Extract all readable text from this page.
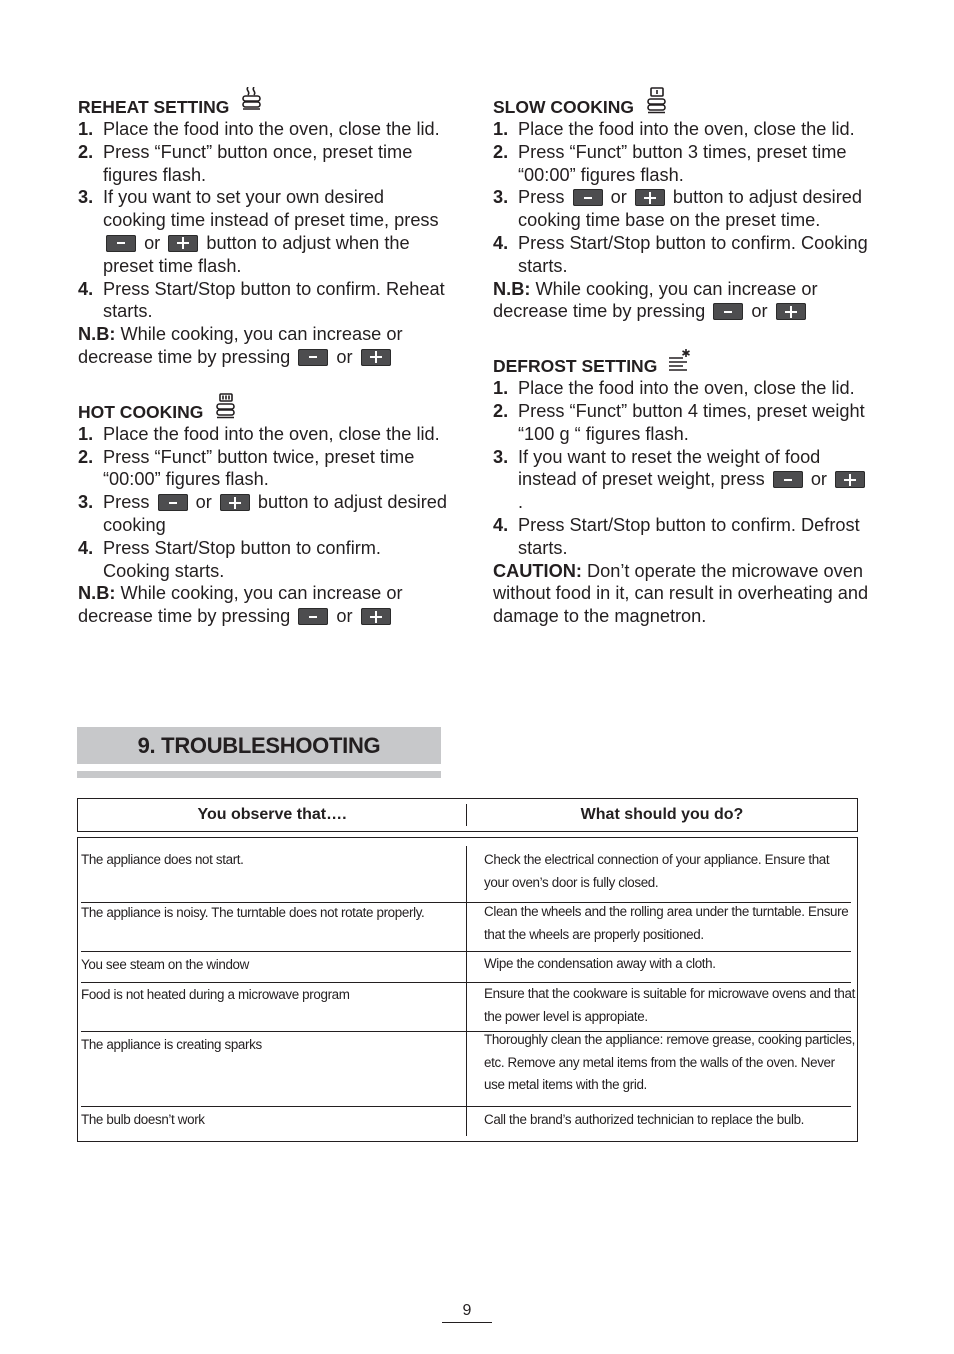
REHEAT SETTING
1. Place the food into the oven, close the lid.
2. Press “Funct” button once, preset time figures flash.
3. If you want to set your own desired cooking time instead of preset time, press  or	button to adjust when the preset time flash.
4. Press Start/Stop button to confirm. Reheat starts.
N.B: While cooking, you can increase or decrease time by pressing	or
HOT COOKING
1. Place the food into the oven, close the lid.
2. Press “Funct” button twice, preset time “00:00” figures flash.
3. Press	or	button to adjust desired cooking
4. Press Start/Stop button to confirm. Cooking starts.
N.B: While cooking, you can increase or decrease time by pressing	or
SLOW COOKING
1. Place the food into the oven, close the lid.
2. Press “Funct” button 3 times, preset time “00:00” figures flash.
3. Press	or	button to adjust desired cooking time base on the preset time.
4. Press Start/Stop button to confirm. Cooking starts.
N.B: While cooking, you can increase or decrease time by pressing	or
DEFROST SETTING
1. Place the food into the oven, close the lid.
2. Press “Funct” button 4 times, preset weight “100 g “ figures flash.
3. If you want to reset the weight of food instead of preset weight, press	or  .
4. Press Start/Stop button to confirm. Defrost starts.
CAUTION: Don’t operate the microwave oven without food in it, can result in overheating and damage to the magnetron.
9. TROUBLESHOOTING
You observe that….	What should you do?
The appliance does not start.	Check the electrical connection of your appliance. Ensure that your oven’s door is fully closed.
The appliance is noisy. The turntable does not rotate properly.	Clean the wheels and the rolling area under the turntable. Ensure that the wheels are properly positioned.
You see steam on the window	Wipe the condensation away with a cloth.
Food is not heated during a microwave program	Ensure that the cookware is suitable for microwave ovens and that the power level is appropiate.
The appliance is creating sparks	Thoroughly clean the appliance: remove grease, cooking particles, etc. Remove any metal items from the walls of the oven. Never use metal items with the grid.
The bulb doesn’t work	Call the brand’s authorized technician to replace the bulb.
9
